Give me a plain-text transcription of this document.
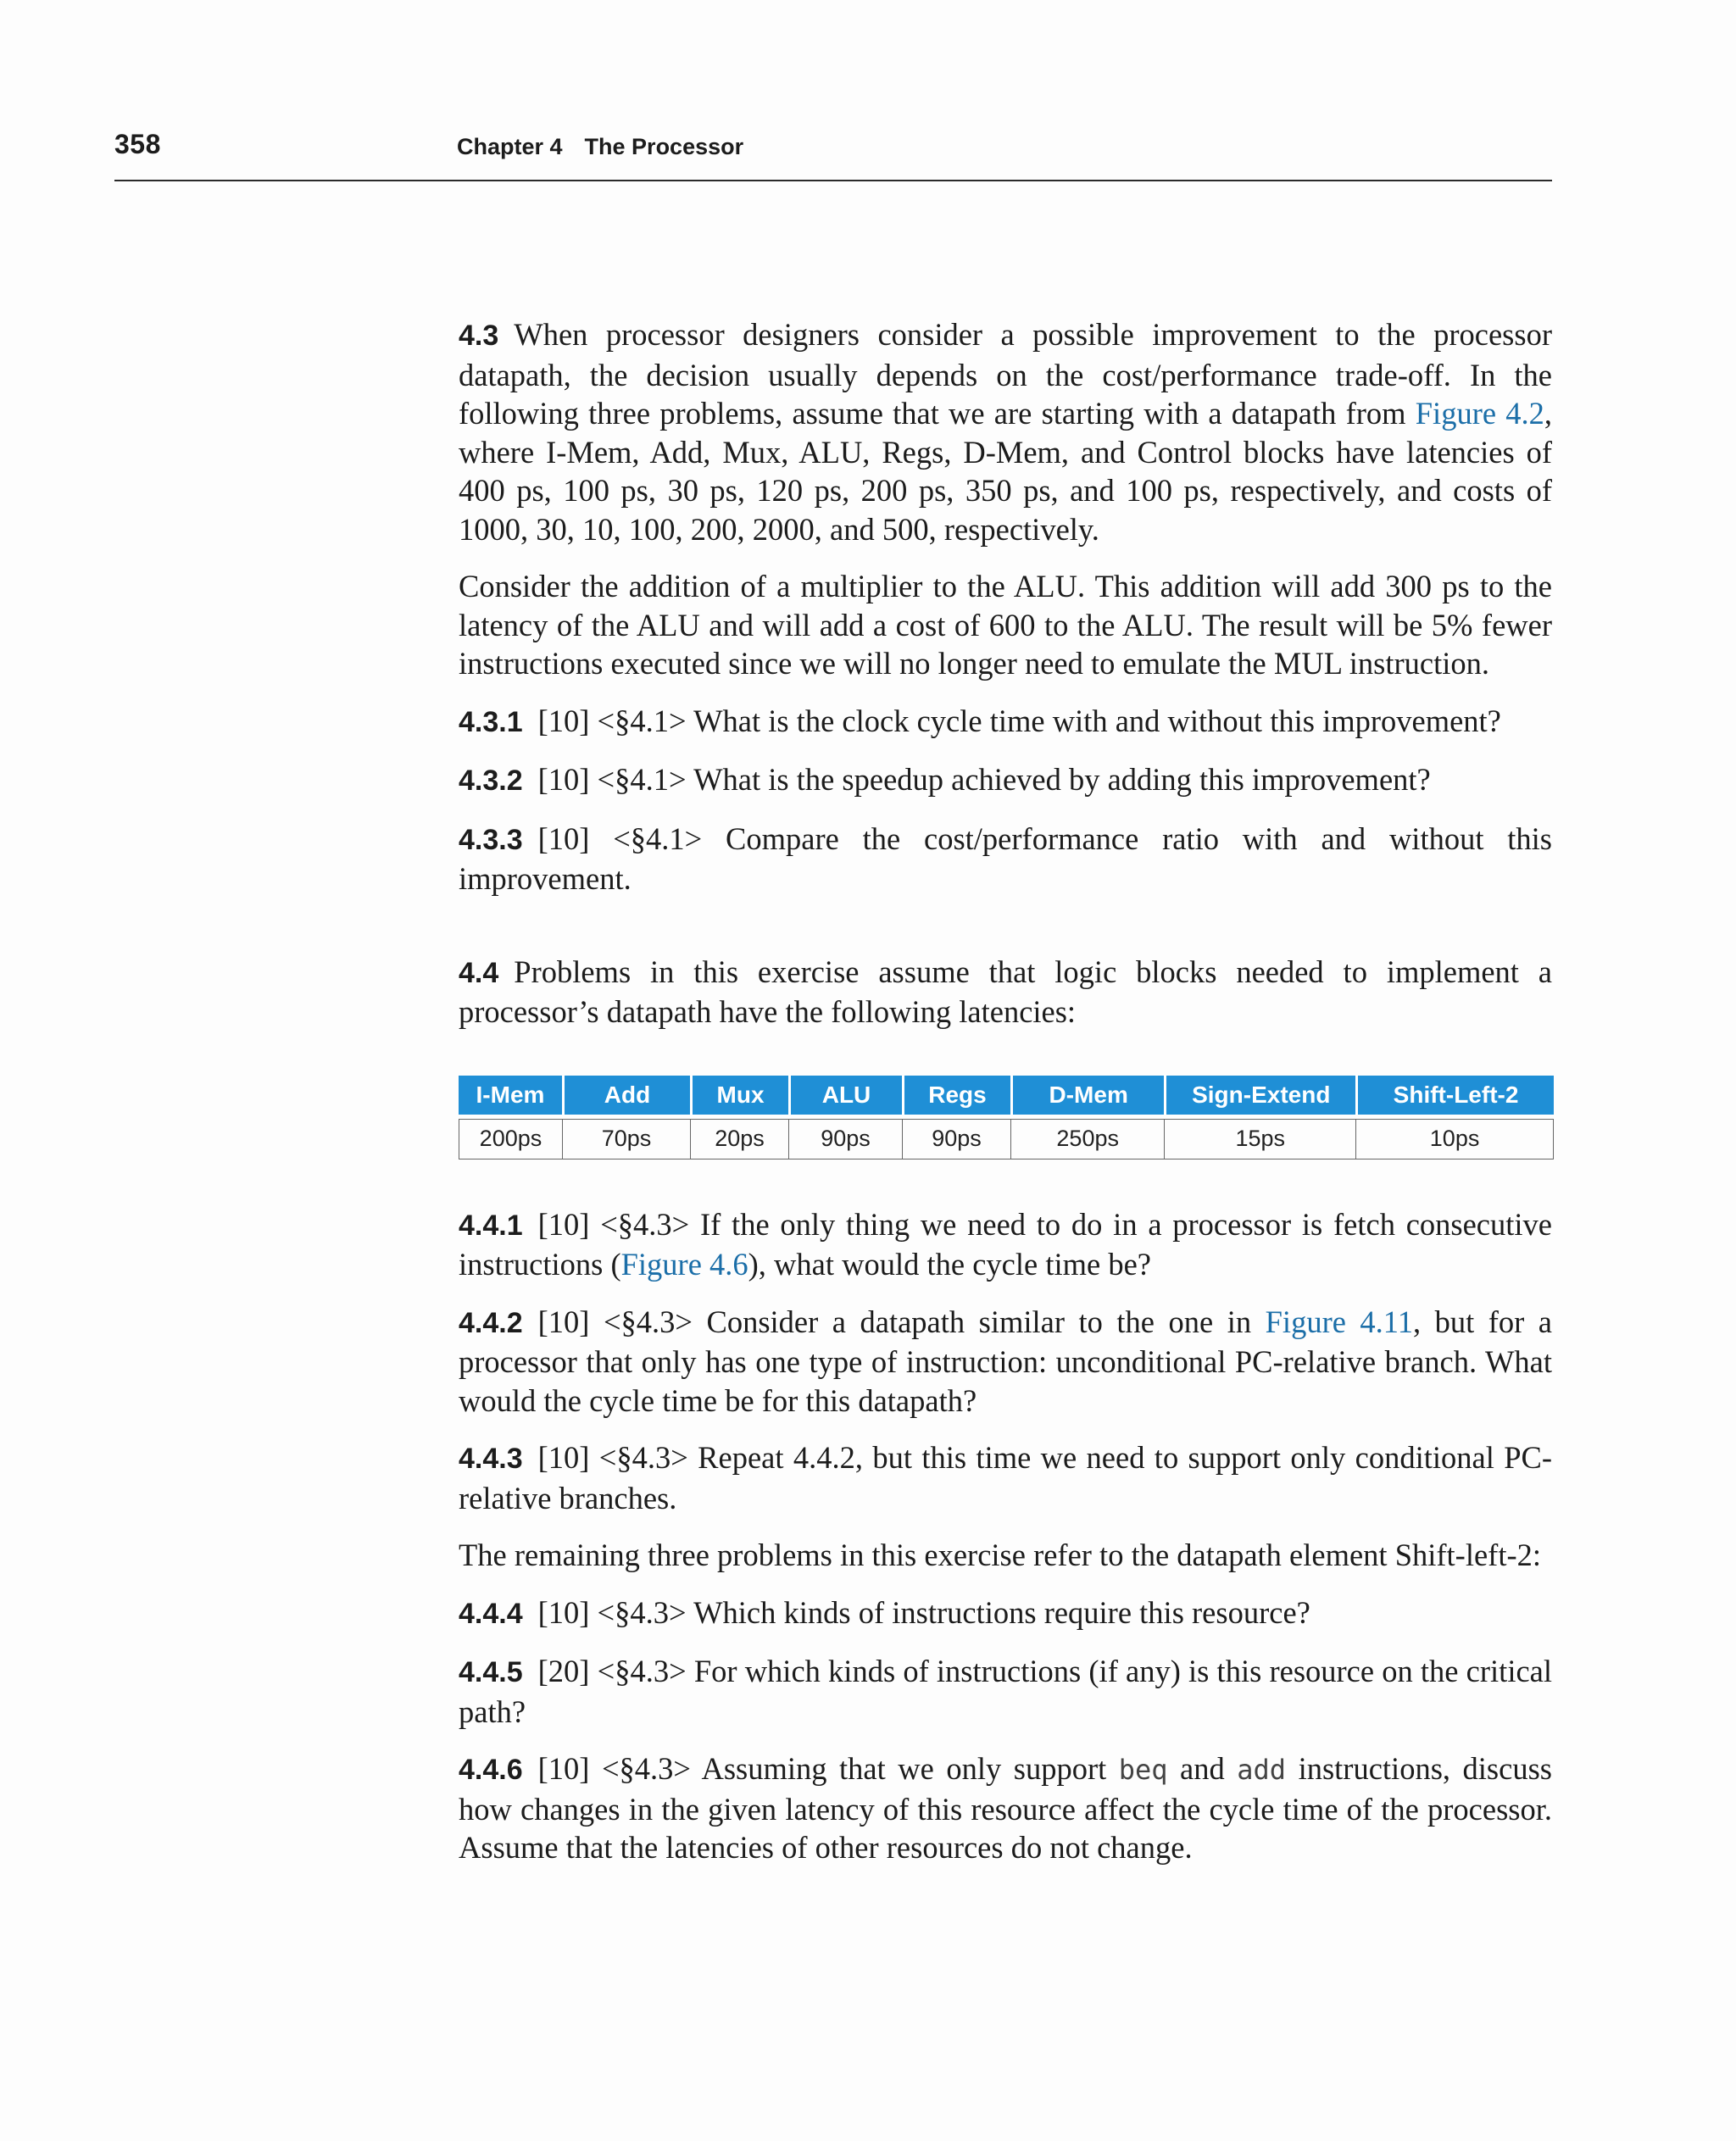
358	Chapter 4 The Processor

4.3 When processor designers consider a possible improvement to the processor datapath, the decision usually depends on the cost/performance trade-off. In the following three problems, assume that we are starting with a datapath from Figure 4.2, where I-Mem, Add, Mux, ALU, Regs, D-Mem, and Control blocks have latencies of 400 ps, 100 ps, 30 ps, 120 ps, 200 ps, 350 ps, and 100 ps, respectively, and costs of 1000, 30, 10, 100, 200, 2000, and 500, respectively.

Consider the addition of a multiplier to the ALU. This addition will add 300 ps to the latency of the ALU and will add a cost of 600 to the ALU. The result will be 5% fewer instructions executed since we will no longer need to emulate the MUL instruction.

4.3.1 [10] <§4.1> What is the clock cycle time with and without this improvement?

4.3.2 [10] <§4.1> What is the speedup achieved by adding this improvement?

4.3.3 [10] <§4.1> Compare the cost/performance ratio with and without this improvement.

4.4 Problems in this exercise assume that logic blocks needed to implement a processor’s datapath have the following latencies:

I-Mem	Add	Mux	ALU	Regs	D-Mem	Sign-Extend	Shift-Left-2

200ps	70ps	20ps	90ps	90ps	250ps	15ps	10ps

4.4.1 [10] <§4.3> If the only thing we need to do in a processor is fetch consecutive instructions (Figure 4.6), what would the cycle time be?

4.4.2 [10] <§4.3> Consider a datapath similar to the one in Figure 4.11, but for a processor that only has one type of instruction: unconditional PC-relative branch. What would the cycle time be for this datapath?

4.4.3 [10] <§4.3> Repeat 4.4.2, but this time we need to support only conditional PC-relative branches.

The remaining three problems in this exercise refer to the datapath element Shift-left-2:

4.4.4 [10] <§4.3> Which kinds of instructions require this resource?

4.4.5 [20] <§4.3> For which kinds of instructions (if any) is this resource on the critical path?

4.4.6 [10] <§4.3> Assuming that we only support beq and add instructions, discuss how changes in the given latency of this resource affect the cycle time of the processor. Assume that the latencies of other resources do not change.
